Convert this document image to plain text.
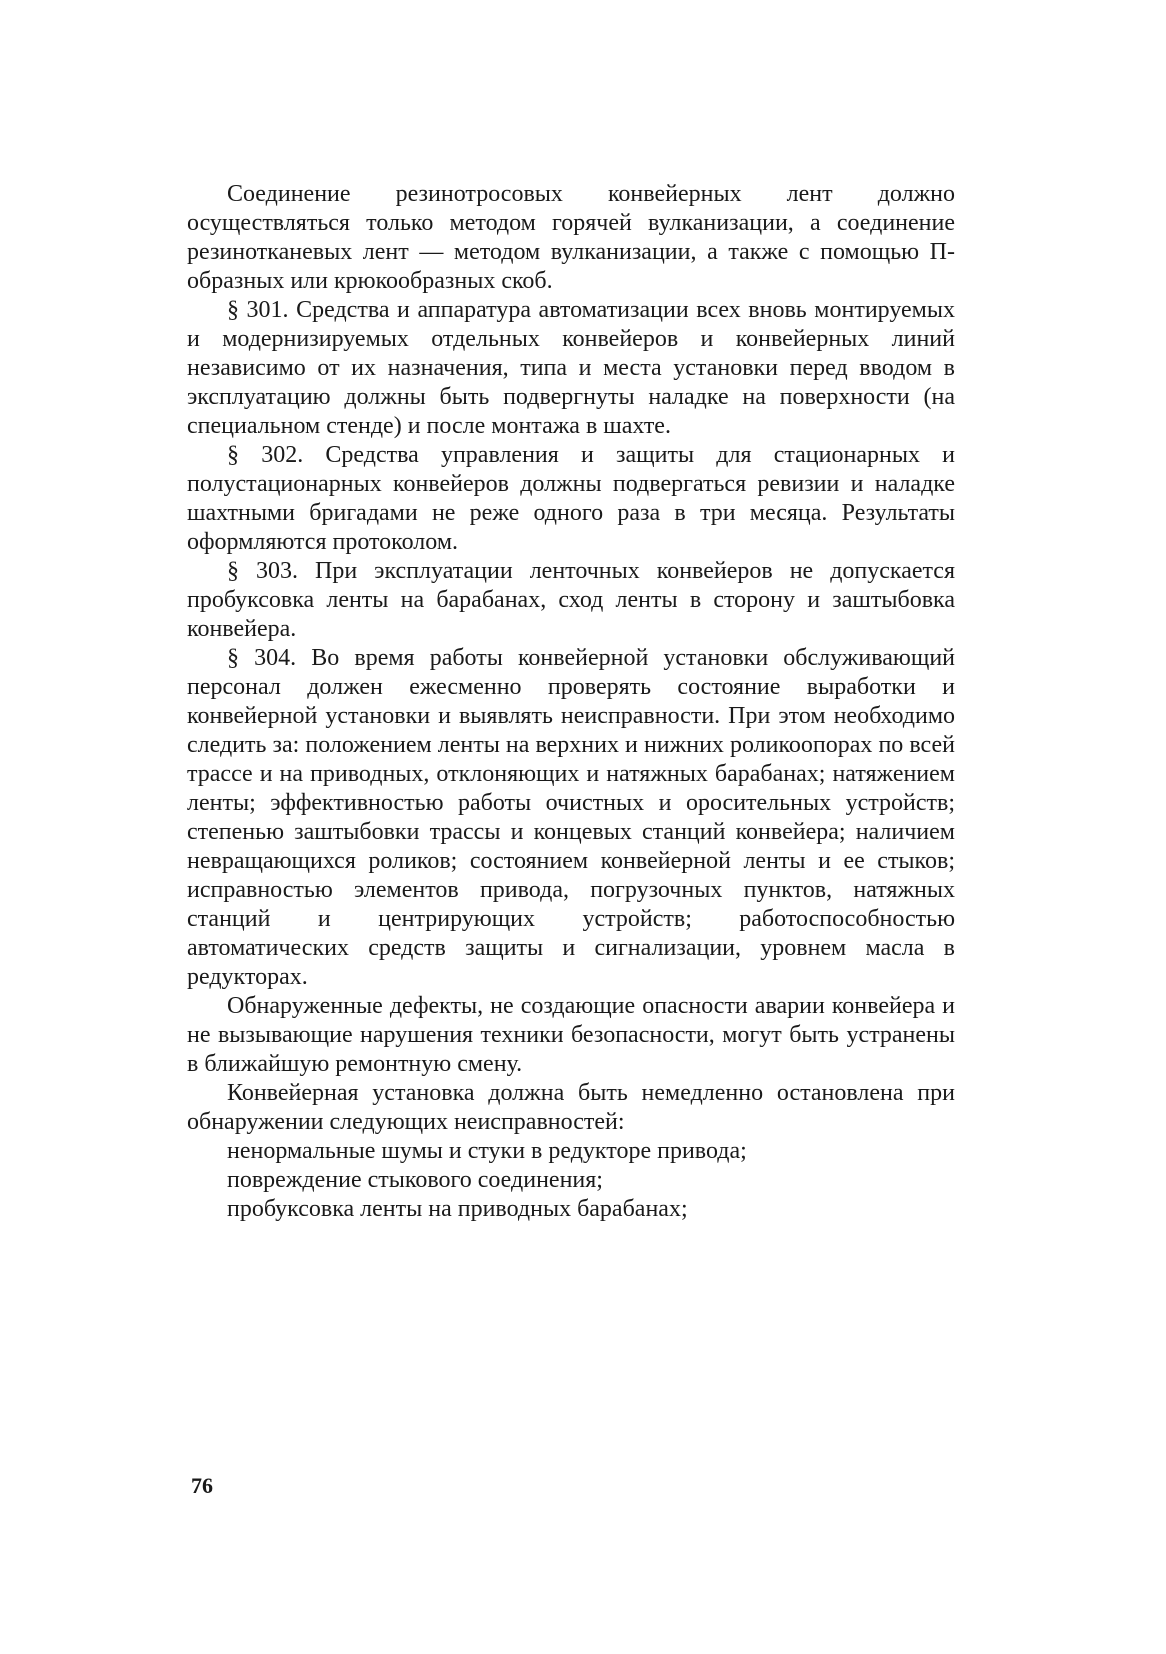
Соединение резинотросовых конвейерных лент должно осуществляться только методом горячей вулканизации, а соединение резинотканевых лент — методом вулканизации, а также с помощью П-образных или крюкообразных скоб.

§ 301. Средства и аппаратура автоматизации всех вновь монтируемых и модернизируемых отдельных конвейеров и конвейерных линий независимо от их назначения, типа и места установки перед вводом в эксплуатацию должны быть подвергнуты наладке на поверхности (на специальном стенде) и после монтажа в шахте.

§ 302. Средства управления и защиты для стационарных и полустационарных конвейеров должны подвергаться ревизии и наладке шахтными бригадами не реже одного раза в три месяца. Результаты оформляются протоколом.

§ 303. При эксплуатации ленточных конвейеров не допускается пробуксовка ленты на барабанах, сход ленты в сторону и заштыбовка конвейера.

§ 304. Во время работы конвейерной установки обслуживающий персонал должен ежесменно проверять состояние выработки и конвейерной установки и выявлять неисправности. При этом необходимо следить за: положением ленты на верхних и нижних роликоопорах по всей трассе и на приводных, отклоняющих и натяжных барабанах; натяжением ленты; эффективностью работы очистных и оросительных устройств; степенью заштыбовки трассы и концевых станций конвейера; наличием невращающихся роликов; состоянием конвейерной ленты и ее стыков; исправностью элементов привода, погрузочных пунктов, натяжных станций и центрирующих устройств; работоспособностью автоматических средств защиты и сигнализации, уровнем масла в редукторах.

Обнаруженные дефекты, не создающие опасности аварии конвейера и не вызывающие нарушения техники безопасности, могут быть устранены в ближайшую ремонтную смену.

Конвейерная установка должна быть немедленно остановлена при обнаружении следующих неисправностей:

ненормальные шумы и стуки в редукторе привода;

повреждение стыкового соединения;

пробуксовка ленты на приводных барабанах;

76
